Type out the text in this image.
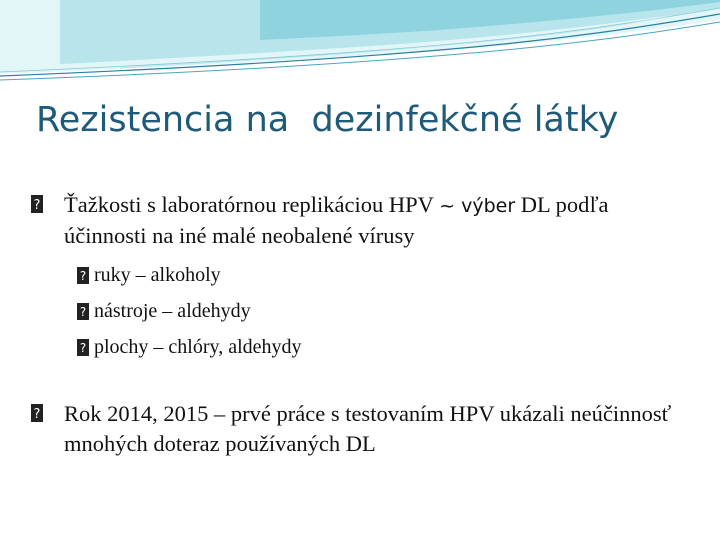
Rezistencia na  dezinfekčné látky
? Ťažkosti s laboratórnou replikáciou HPV ~ výber DL podľa účinnosti na iné malé neobalené vírusy
? ruky – alkoholy
? nástroje – aldehydy
? plochy – chlóry, aldehydy
? Rok 2014, 2015 – prvé práce s testovaním HPV ukázali neúčinnosť mnohých doteraz používaných DL
